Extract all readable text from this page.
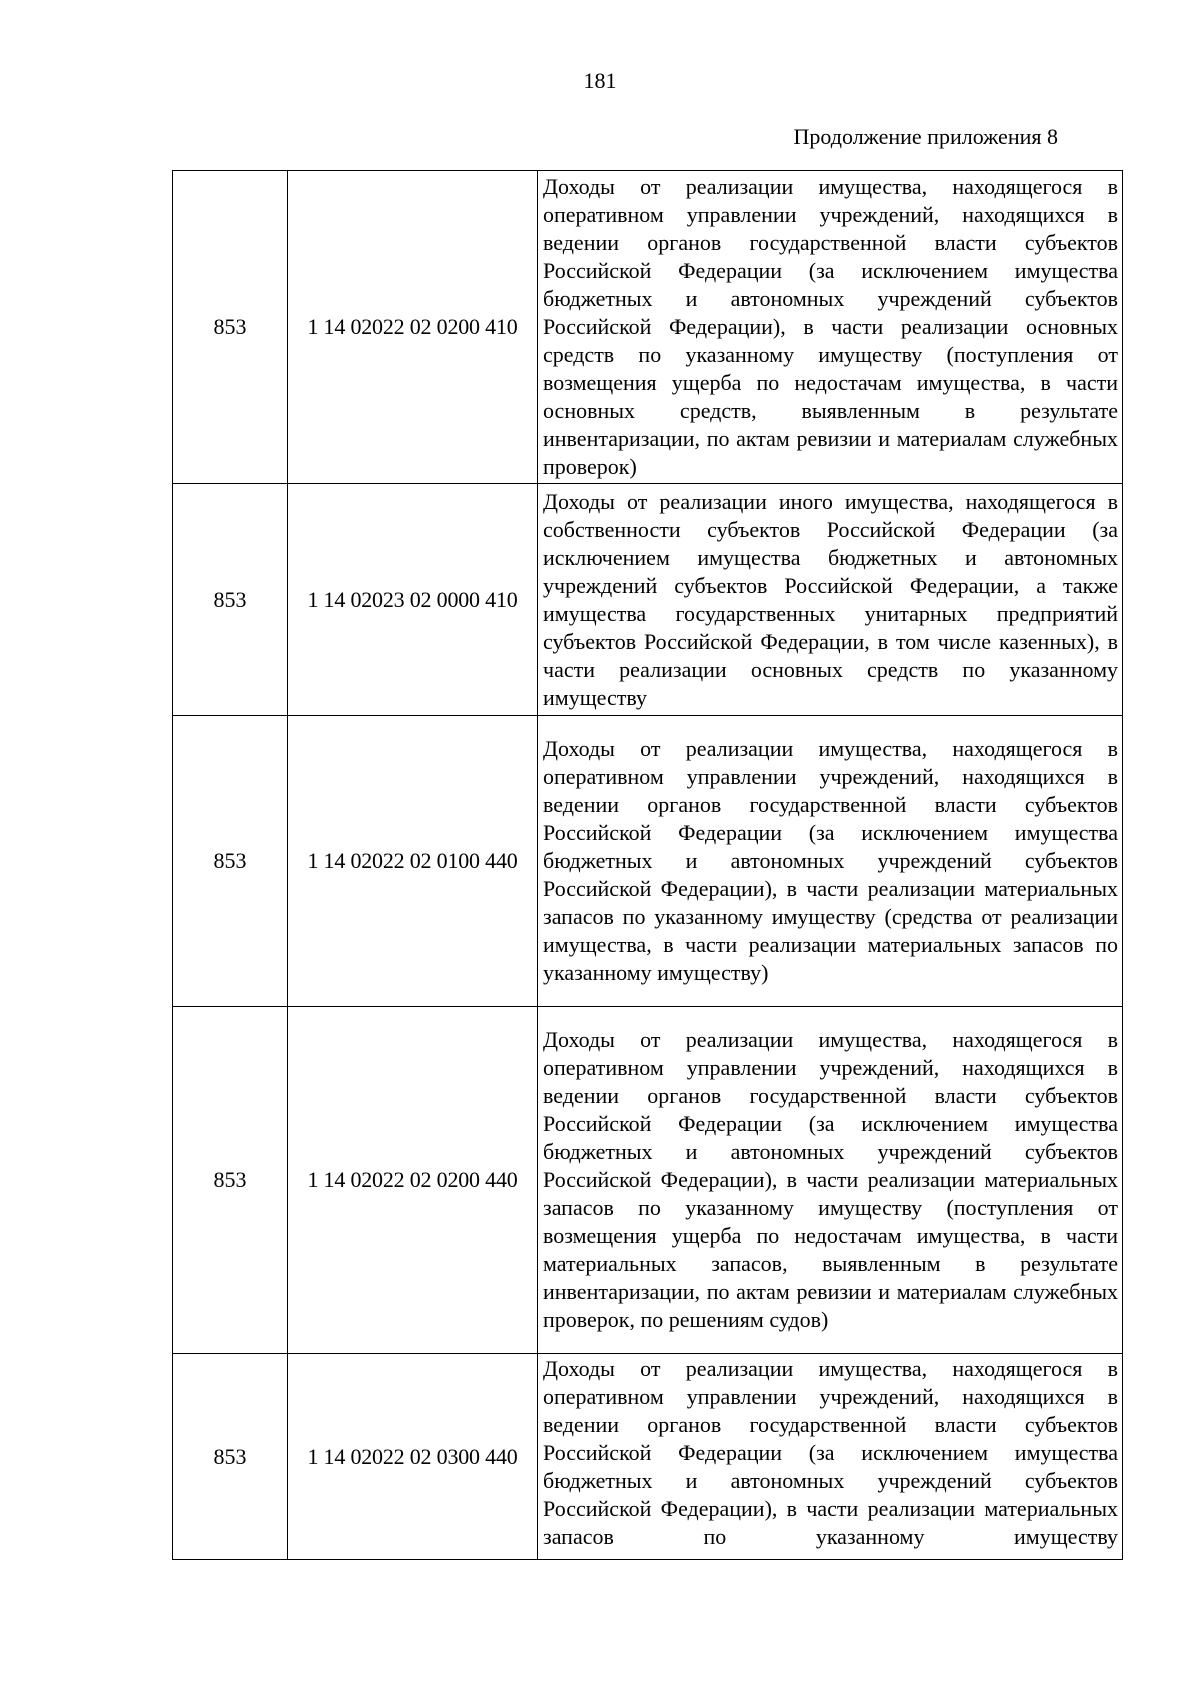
181
Продолжение приложения 8
853	1 14 02022 02 0200 410	Доходы от реализации имущества, находящегося в оперативном управлении учреждений, находящихся в ведении органов государственной власти субъектов Российской Федерации (за исключением имущества бюджетных и автономных учреждений субъектов Российской Федерации), в части реализации основных средств по указанному имуществу (поступления от возмещения ущерба по недостачам имущества, в части основных средств, выявленным в результате инвентаризации, по актам ревизии и материалам служебных проверок)

853	1 14 02023 02 0000 410	Доходы от реализации иного имущества, находящегося в собственности субъектов Российской Федерации (за исключением имущества бюджетных и автономных учреждений субъектов Российской Федерации, а также имущества государственных унитарных предприятий субъектов Российской Федерации, в том числе казенных), в части реализации основных средств по указанному имуществу

853	1 14 02022 02 0100 440	Доходы от реализации имущества, находящегося в оперативном управлении учреждений, находящихся в ведении органов государственной власти субъектов Российской Федерации (за исключением имущества бюджетных и автономных учреждений субъектов Российской Федерации), в части реализации материальных запасов по указанному имуществу (средства от реализации имущества, в части реализации материальных запасов по указанному имуществу)

853	1 14 02022 02 0200 440	Доходы от реализации имущества, находящегося в оперативном управлении учреждений, находящихся в ведении органов государственной власти субъектов Российской Федерации (за исключением имущества бюджетных и автономных учреждений субъектов Российской Федерации), в части реализации материальных запасов по указанному имуществу (поступления от возмещения ущерба по недостачам имущества, в части материальных запасов, выявленным в результате инвентаризации, по актам ревизии и материалам служебных проверок, по решениям судов)

853	1 14 02022 02 0300 440	Доходы от реализации имущества, находящегося в оперативном управлении учреждений, находящихся в ведении органов государственной власти субъектов Российской Федерации (за исключением имущества бюджетных и автономных учреждений субъектов Российской Федерации), в части реализации материальных запасов по указанному имуществу
